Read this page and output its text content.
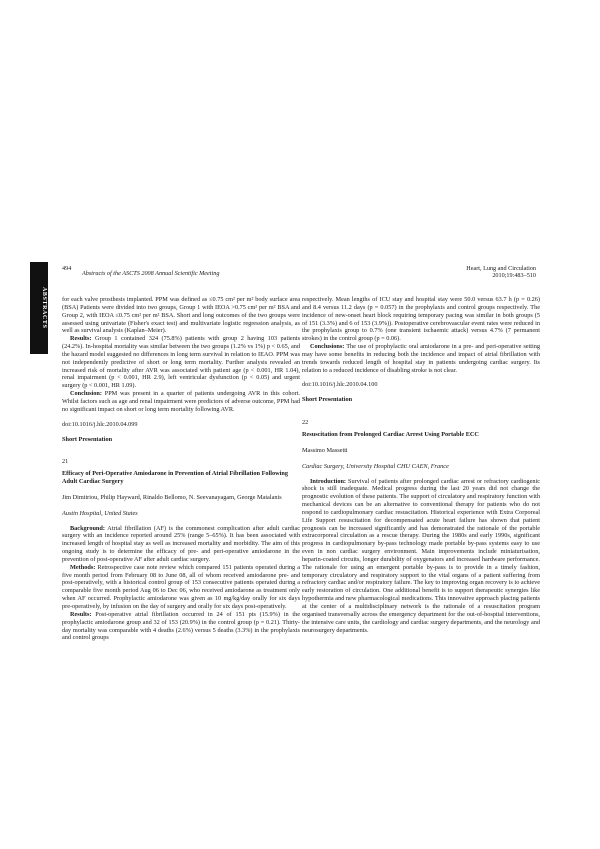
ABSTRACTS
494
Abstracts of the ASCTS 2008 Annual Scientific Meeting
Heart, Lung and Circulation
2010;19:483–510

for each valve prosthesis implanted. PPM was defined as ≤0.75 cm² per m² body surface area (BSA) Patients were divided into two groups, Group 1 with IEOA >0.75 cm² per m² BSA and Group 2, with IEOA ≤0.75 cm² per m² BSA. Short and long outcomes of the two groups were assessed using univariate (Fisher's exact test) and multivariate logistic regression analysis, as well as survival analysis (Kaplan–Meier).

Results: Group 1 contained 324 (75.8%) patients with group 2 having 103 patients (24.2%). In-hospital mortality was similar between the two groups (1.2% vs 1%) p < 0.65, and the hazard model suggested no differences in long term survival in relation to IEAO. PPM was not independently predictive of short or long term mortality. Further analysis revealed an increased risk of mortality after AVR was associated with patient age (p < 0.001, HR 1.04), renal impairment (p < 0.001, HR 2.9), left ventricular dysfunction (p < 0.05) and urgent surgery (p < 0.001, HR 1.09).

Conclusion: PPM was present in a quarter of patients undergoing AVR in this cohort. Whilst factors such as age and renal impairment were predictors of adverse outcome, PPM had no significant impact on short or long term mortality following AVR.

doi:10.1016/j.hlc.2010.04.099

Short Presentation

21

Efficacy of Peri-Operative Amiodarone in Prevention of Atrial Fibrillation Following Adult Cardiac Surgery

Jim Dimitriou, Philip Hayward, Rinaldo Bellomo, N. Seevanayagam, George Matalanis

Austin Hospital, United States

Background: Atrial fibrillation (AF) is the commonest complication after adult cardiac surgery with an incidence reported around 25% (range 5–65%). It has been associated with increased length of hospital stay as well as increased mortality and morbidity. The aim of this ongoing study is to determine the efficacy of pre- and peri-operative amiodarone in the prevention of post-operative AF after adult cardiac surgery.

Methods: Retrospective case note review which compared 151 patients operated during a five month period from February 08 to June 08, all of whom received amiodarone pre- and post-operatively, with a historical control group of 153 consecutive patients operated during a comparable five month period Aug 06 to Dec 06, who received amiodarone as treatment only when AF occurred. Prophylactic amiodarone was given as 10 mg/kg/day orally for six days pre-operatively, by infusion on the day of surgery and orally for six days post-operatively.

Results: Post-operative atrial fibrillation occurred in 24 of 151 pts (15.9%) in the prophylactic amiodarone group and 32 of 153 (20.9%) in the control group (p = 0.21). Thirty-day mortality was comparable with 4 deaths (2.6%) versus 5 deaths (3.3%) in the prophylaxis and control groups

respectively. Mean lengths of ICU stay and hospital stay were 50.0 versus 63.7 h (p = 0.26) and 8.4 versus 11.2 days (p = 0.057) in the prophylaxis and control groups respectively. The incidence of new-onset heart block requiring temporary pacing was similar in both groups (5 of 151 (3.3%) and 6 of 153 (3.9%)). Postoperative cerebrovascular event rates were reduced in the prophylaxis group to 0.7% (one transient ischaemic attack) versus 4.7% (7 permanent strokes) in the control group (p = 0.06).

Conclusions: The use of prophylactic oral amiodarone in a pre- and peri-operative setting may have some benefits in reducing both the incidence and impact of atrial fibrillation with trends towards reduced length of hospital stay in patients undergoing cardiac surgery. Its relation to a reduced incidence of disabling stroke is not clear.

doi:10.1016/j.hlc.2010.04.100

Short Presentation

22

Resuscitation from Prolonged Cardiac Arrest Using Portable ECC

Massimo Massetti

Cardiac Surgery, University Hospital CHU CAEN, France

Introduction: Survival of patients after prolonged cardiac arrest or refractory cardiogenic shock is still inadequate. Medical progress during the last 20 years did not change the prognostic evolution of these patients. The support of circulatory and respiratory function with mechanical devices can be an alternative to conventional therapy for patients who do not respond to cardiopulmonary cardiac resuscitation. Historical experience with Extra Corporeal Life Support resuscitation for decompensated acute heart failure has shown that patient prognosis can be increased significantly and has demonstrated the rationale of the portable extracorporeal circulation as a rescue therapy. During the 1980s and early 1990s, significant progress in cardiopulmonary by-pass technology made portable by-pass systems easy to use even in non cardiac surgery environment. Main improvements include miniaturisation, heparin-coated circuits, longer durability of oxygenators and increased hardware performance. The rationale for using an emergent portable by-pass is to provide in a timely fashion, temporary circulatory and respiratory support to the vital organs of a patient suffering from refractory cardiac and/or respiratory failure. The key to improving organ recovery is to achieve early restoration of circulation. One additional benefit is to support therapeutic synergies like hypothermia and new pharmacological medications. This innovative approach placing patients at the center of a multidisciplinary network is the rationale of a resuscitation program organised transversally across the emergency department for the out-of-hospital interventions, the intensive care units, the cardiology and cardiac surgery departments, and the neurology and neurosurgery departments.
